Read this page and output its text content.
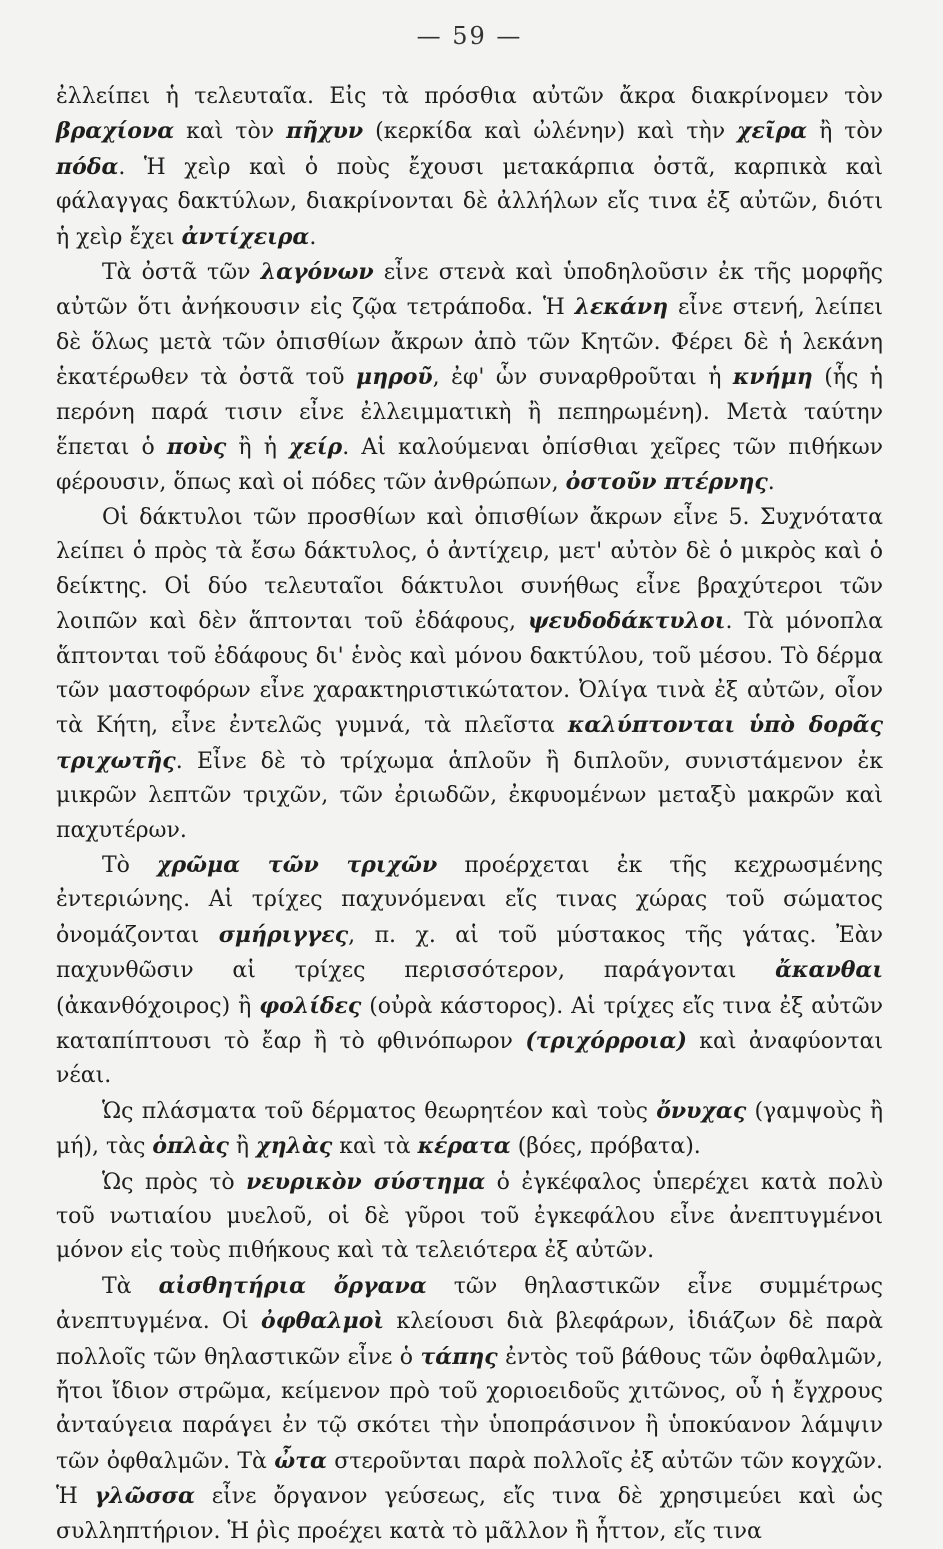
— 59 —

ἐλλείπει ἡ τελευταῖα. Εἰς τὰ πρόσθια αὐτῶν ἄκρα διακρίνομεν τὸν βραχίονα καὶ τὸν πῆχυν (κερκίδα καὶ ὠλένην) καὶ τὴν χεῖρα ἢ τὸν πόδα. Ἡ χεὶρ καὶ ὁ ποὺς ἔχουσι μετακάρπια ὀστᾶ, καρπικὰ καὶ φάλαγγας δακτύλων, διακρίνονται δὲ ἀλλήλων εἴς τινα ἐξ αὐτῶν, διότι ἡ χεὶρ ἔχει ἀντίχειρα.

Τὰ ὀστᾶ τῶν λαγόνων εἶνε στενὰ καὶ ὑποδηλοῦσιν ἐκ τῆς μορφῆς αὐτῶν ὅτι ἀνήκουσιν εἰς ζῷα τετράποδα. Ἡ λεκάνη εἶνε στενή, λείπει δὲ ὅλως μετὰ τῶν ὀπισθίων ἄκρων ἀπὸ τῶν Κητῶν. Φέρει δὲ ἡ λεκάνη ἑκατέρωθεν τὰ ὀστᾶ τοῦ μηροῦ, ἐφ' ὧν συναρθροῦται ἡ κνήμη (ἧς ἡ περόνη παρά τισιν εἶνε ἐλλειμματικὴ ἢ πεπηρωμένη). Μετὰ ταύτην ἕπεται ὁ ποὺς ἢ ἡ χείρ. Αἱ καλούμεναι ὀπίσθιαι χεῖρες τῶν πιθήκων φέρουσιν, ὅπως καὶ οἱ πόδες τῶν ἀνθρώπων, ὀστοῦν πτέρνης.

Οἱ δάκτυλοι τῶν προσθίων καὶ ὀπισθίων ἄκρων εἶνε 5. Συχνότατα λείπει ὁ πρὸς τὰ ἔσω δάκτυλος, ὁ ἀντίχειρ, μετ' αὐτὸν δὲ ὁ μικρὸς καὶ ὁ δείκτης. Οἱ δύο τελευταῖοι δάκτυλοι συνήθως εἶνε βραχύτεροι τῶν λοιπῶν καὶ δὲν ἅπτονται τοῦ ἐδάφους, ψευδοδάκτυλοι. Τὰ μόνοπλα ἅπτονται τοῦ ἐδάφους δι' ἑνὸς καὶ μόνου δακτύλου, τοῦ μέσου. Τὸ δέρμα τῶν μαστοφόρων εἶνε χαρακτηριστικώτατον. Ὀλίγα τινὰ ἐξ αὐτῶν, οἷον τὰ Κήτη, εἶνε ἐντελῶς γυμνά, τὰ πλεῖστα καλύπτονται ὑπὸ δορᾶς τριχωτῆς. Εἶνε δὲ τὸ τρίχωμα ἁπλοῦν ἢ διπλοῦν, συνιστάμενον ἐκ μικρῶν λεπτῶν τριχῶν, τῶν ἐριωδῶν, ἐκφυομένων μεταξὺ μακρῶν καὶ παχυτέρων.

Τὸ χρῶμα τῶν τριχῶν προέρχεται ἐκ τῆς κεχρωσμένης ἐντεριώνης. Αἱ τρίχες παχυνόμεναι εἴς τινας χώρας τοῦ σώματος ὀνομάζονται σμήριγγες, π. χ. αἱ τοῦ μύστακος τῆς γάτας. Ἐὰν παχυνθῶσιν αἱ τρίχες περισσότερον, παράγονται ἄκανθαι (ἀκανθόχοιρος) ἢ φολίδες (οὐρὰ κάστορος). Αἱ τρίχες εἴς τινα ἐξ αὐτῶν καταπίπτουσι τὸ ἔαρ ἢ τὸ φθινόπωρον (τριχόρροια) καὶ ἀναφύονται νέαι.

Ὡς πλάσματα τοῦ δέρματος θεωρητέον καὶ τοὺς ὄνυχας (γαμψοὺς ἢ μή), τὰς ὁπλὰς ἢ χηλὰς καὶ τὰ κέρατα (βόες, πρόβατα).

Ὡς πρὸς τὸ νευρικὸν σύστημα ὁ ἐγκέφαλος ὑπερέχει κατὰ πολὺ τοῦ νωτιαίου μυελοῦ, οἱ δὲ γῦροι τοῦ ἐγκεφάλου εἶνε ἀνεπτυγμένοι μόνον εἰς τοὺς πιθήκους καὶ τὰ τελειότερα ἐξ αὐτῶν.

Τὰ αἰσθητήρια ὄργανα τῶν θηλαστικῶν εἶνε συμμέτρως ἀνεπτυγμένα. Οἱ ὀφθαλμοὶ κλείουσι διὰ βλεφάρων, ἰδιάζων δὲ παρὰ πολλοῖς τῶν θηλαστικῶν εἶνε ὁ τάπης ἐντὸς τοῦ βάθους τῶν ὀφθαλμῶν, ἤτοι ἴδιον στρῶμα, κείμενον πρὸ τοῦ χοριοειδοῦς χιτῶνος, οὗ ἡ ἔγχρους ἀνταύγεια παράγει ἐν τῷ σκότει τὴν ὑποπράσινον ἢ ὑποκύανον λάμψιν τῶν ὀφθαλμῶν. Τὰ ὦτα στεροῦνται παρὰ πολλοῖς ἐξ αὐτῶν τῶν κογχῶν. Ἡ γλῶσσα εἶνε ὄργανον γεύσεως, εἴς τινα δὲ χρησιμεύει καὶ ὡς συλληπτήριον. Ἡ ῥὶς προέχει κατὰ τὸ μᾶλλον ἢ ἧττον, εἴς τινα
